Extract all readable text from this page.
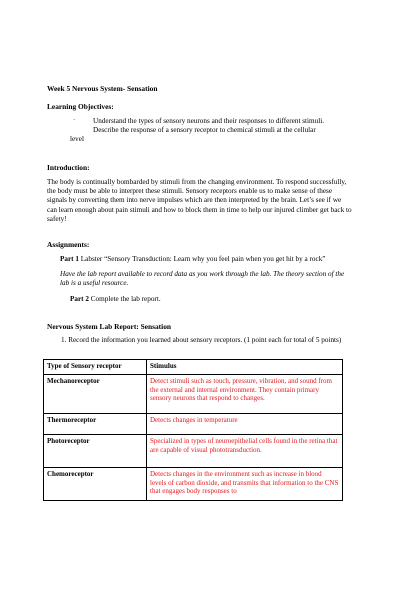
Week 5 Nervous System- Sensation
Learning Objectives:
· Understand the types of sensory neurons and their responses to different stimuli.
Describe the response of a sensory receptor to chemical stimuli at the cellular
level
Introduction:
The body is continually bombarded by stimuli from the changing environment. To respond successfully, the body must be able to interpret these stimuli. Sensory receptors enable us to make sense of these signals by converting them into nerve impulses which are then interpreted by the brain. Let’s see if we can learn enough about pain stimuli and how to block them in time to help our injured climber get back to safety!
Assignments:
Part 1 Labster “Sensory Transduction: Learn why you feel pain when you get hit by a rock”
Have the lab report available to record data as you work through the lab. The theory section of the lab is a useful resource.
Part 2 Complete the lab report.
Nervous System Lab Report: Sensation
1. Record the information you learned about sensory receptors. (1 point each for total of 5 points)
Type of Sensory receptor	Stimulus
Mechanoreceptor	Detect stimuli such as touch, pressure, vibration, and sound from the external and internal environment. They contain primary sensory neurons that respond to changes.
Thermoreceptor	Detects changes in temperature
Photoreceptor	Specialized in types of neuroepithelial cells found in the retina that are capable of visual phototransduction.
Chemoreceptor	Detects changes in the environment such as increase in blood levels of carbon dioxide, and transmits that information to the CNS that engages body responses to
